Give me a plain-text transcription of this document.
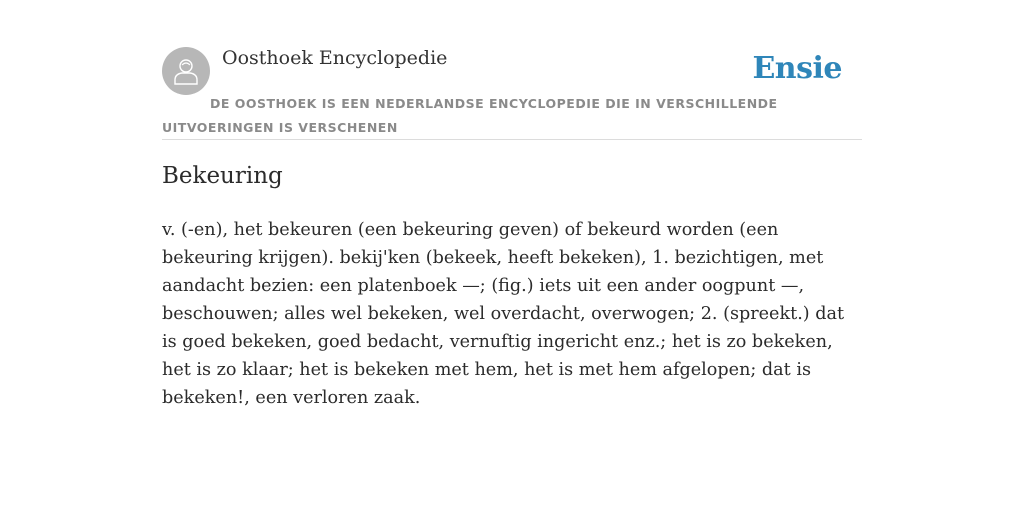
Oosthoek Encyclopedie	Ensie
DE OOSTHOEK IS EEN NEDERLANDSE ENCYCLOPEDIE DIE IN VERSCHILLENDE UITVOERINGEN IS VERSCHENEN
Bekeuring

v. (-en), het bekeuren (een bekeuring geven) of bekeurd worden (een bekeuring krijgen). bekij'ken (bekeek, heeft bekeken), 1. bezichtigen, met aandacht bezien: een platenboek —; (fig.) iets uit een ander oogpunt —, beschouwen; alles wel bekeken, wel overdacht, overwogen; 2. (spreekt.) dat is goed bekeken, goed bedacht, vernuftig ingericht enz.; het is zo bekeken, het is zo klaar; het is bekeken met hem, het is met hem afgelopen; dat is bekeken!, een verloren zaak.
